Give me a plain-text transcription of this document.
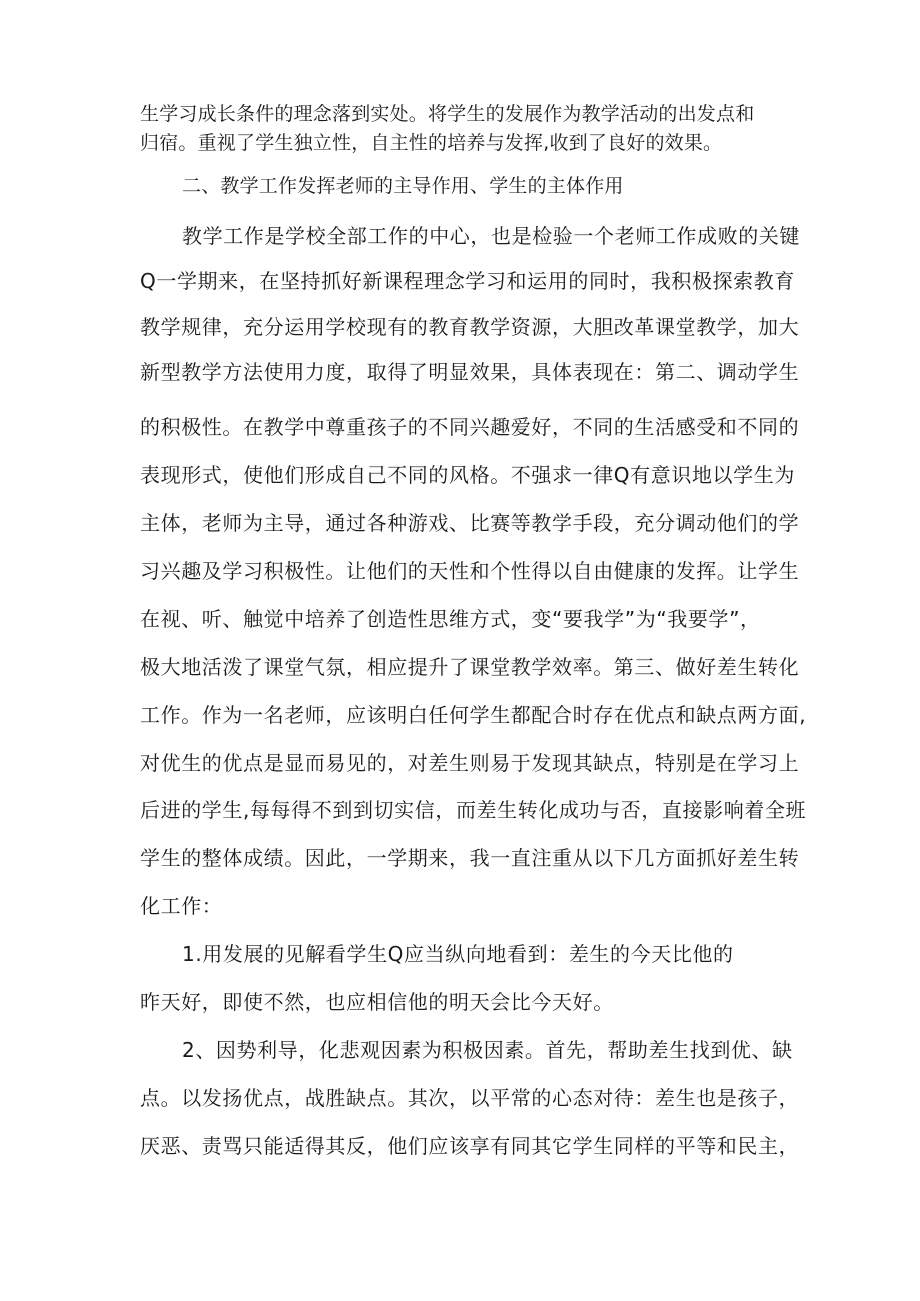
生学习成长条件的理念落到实处。将学生的发展作为教学活动的出发点和
归宿。重视了学生独立性，自主性的培养与发挥,收到了良好的效果。
二、教学工作发挥老师的主导作用、学生的主体作用
教学工作是学校全部工作的中心，也是检验一个老师工作成败的关键
Q一学期来，在坚持抓好新课程理念学习和运用的同时，我积极探索教育
教学规律，充分运用学校现有的教育教学资源，大胆改革课堂教学，加大
新型教学方法使用力度，取得了明显效果，具体表现在：第二、调动学生
的积极性。在教学中尊重孩子的不同兴趣爱好，不同的生活感受和不同的
表现形式，使他们形成自己不同的风格。不强求一律Q有意识地以学生为
主体，老师为主导，通过各种游戏、比赛等教学手段，充分调动他们的学
习兴趣及学习积极性。让他们的天性和个性得以自由健康的发挥。让学生
在视、听、触觉中培养了创造性思维方式，变“要我学”为“我要学”，
极大地活泼了课堂气氛，相应提升了课堂教学效率。第三、做好差生转化
工作。作为一名老师，应该明白任何学生都配合时存在优点和缺点两方面,
对优生的优点是显而易见的，对差生则易于发现其缺点，特别是在学习上
后进的学生,每每得不到到切实信，而差生转化成功与否，直接影响着全班
学生的整体成绩。因此，一学期来，我一直注重从以下几方面抓好差生转
化工作：
1.用发展的见解看学生Q应当纵向地看到：差生的今天比他的
昨天好，即使不然，也应相信他的明天会比今天好。
2、因势利导，化悲观因素为积极因素。首先，帮助差生找到优、缺
点。以发扬优点，战胜缺点。其次，以平常的心态对待：差生也是孩子，
厌恶、责骂只能适得其反，他们应该享有同其它学生同样的平等和民主，
